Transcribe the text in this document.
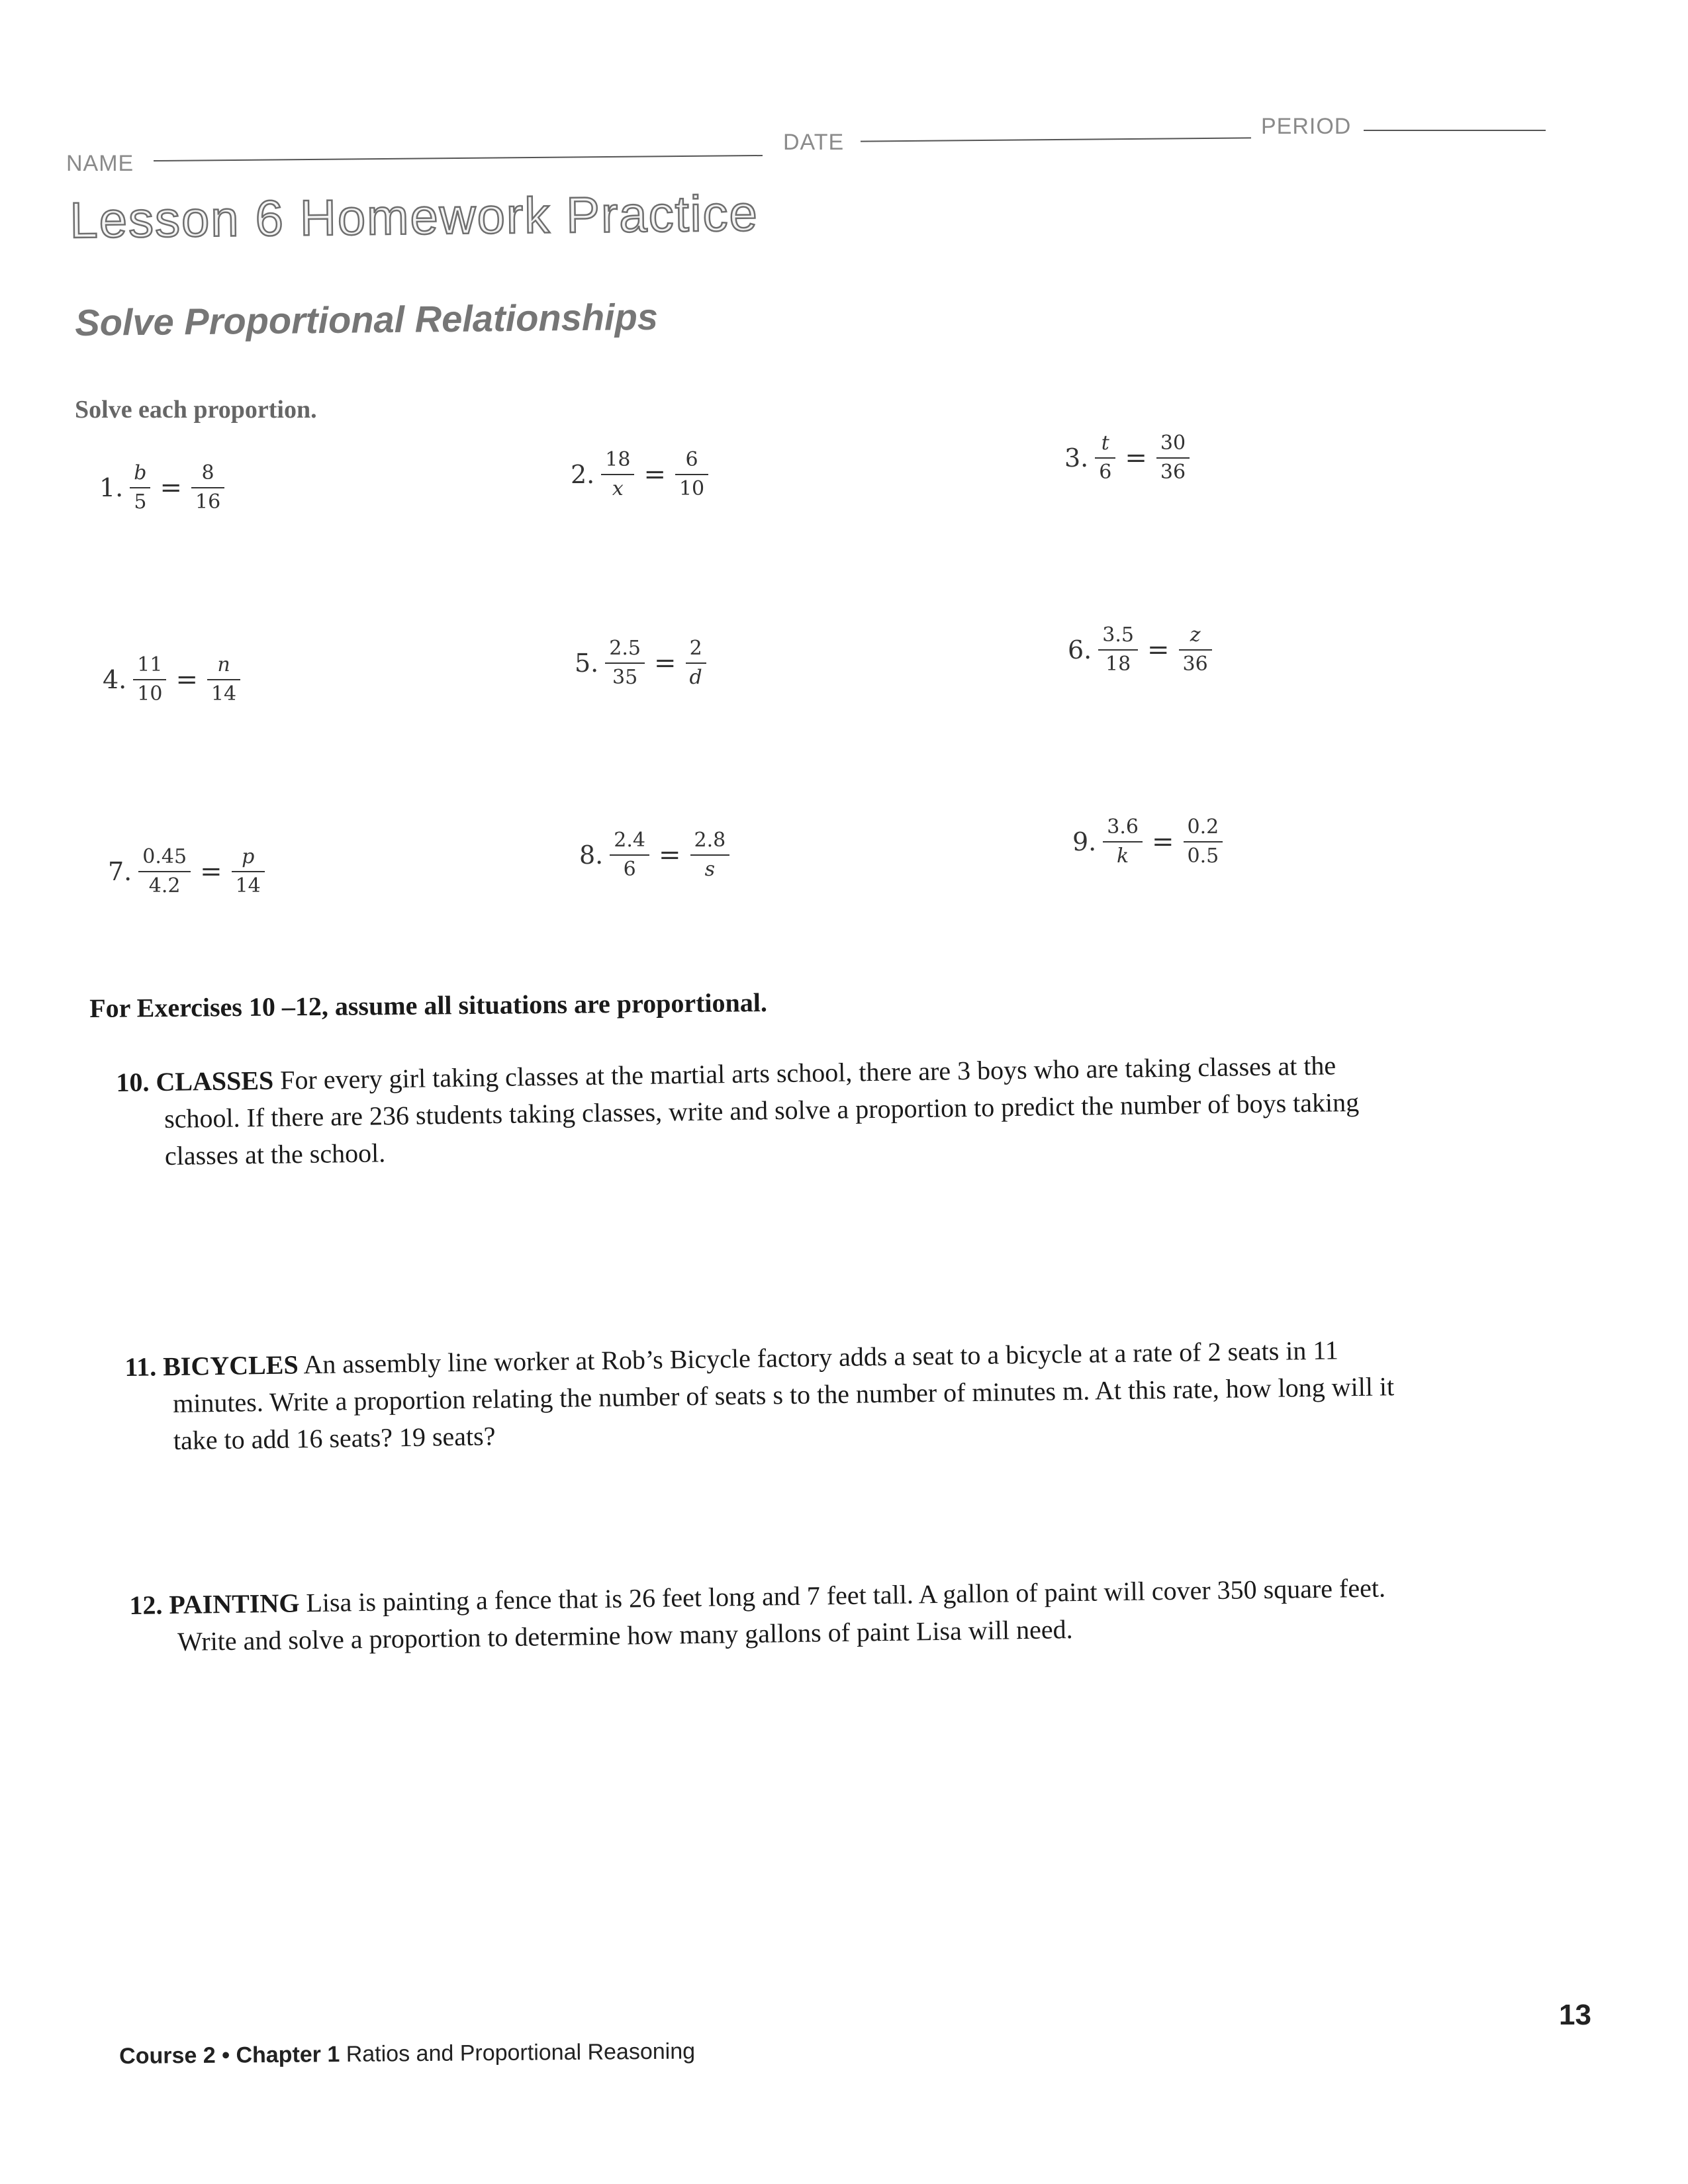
NAME
DATE
PERIOD
Lesson 6 Homework Practice
Solve Proportional Relationships
Solve each proportion.
1. $\frac{b}{5} = \frac{8}{16}$	2. $\frac{18}{x} = \frac{6}{10}$	3. $\frac{t}{6} = \frac{30}{36}$
4. $\frac{11}{10} = \frac{n}{14}$	5. $\frac{2.5}{35} = \frac{2}{d}$	6. $\frac{3.5}{18} = \frac{z}{36}$
7. $\frac{0.45}{4.2} = \frac{p}{14}$	8. $\frac{2.4}{6} = \frac{2.8}{s}$	9. $\frac{3.6}{k} = \frac{0.2}{0.5}$
For Exercises 10 –12, assume all situations are proportional.
10. CLASSES For every girl taking classes at the martial arts school, there are 3 boys who are taking classes at the
school. If there are 236 students taking classes, write and solve a proportion to predict the number of boys taking
classes at the school.
11. BICYCLES An assembly line worker at Rob’s Bicycle factory adds a seat to a bicycle at a rate of 2 seats in 11
minutes. Write a proportion relating the number of seats s to the number of minutes m. At this rate, how long will it
take to add 16 seats? 19 seats?
12. PAINTING Lisa is painting a fence that is 26 feet long and 7 feet tall. A gallon of paint will cover 350 square feet.
Write and solve a proportion to determine how many gallons of paint Lisa will need.
13
Course 2 • Chapter 1 Ratios and Proportional Reasoning
